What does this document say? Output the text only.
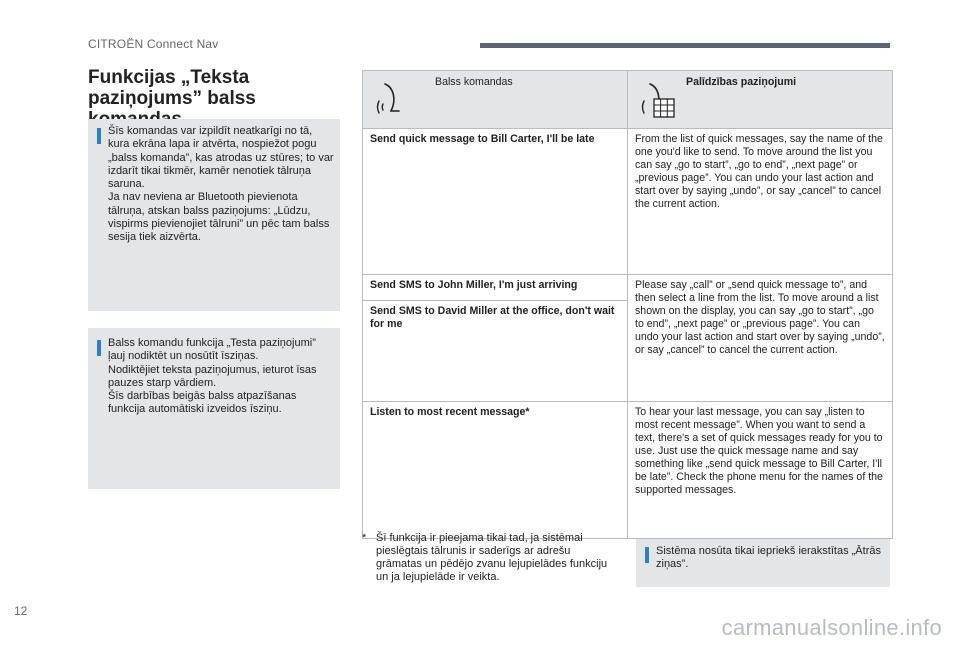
CITROËN Connect Nav
Funkcijas „Teksta paziņojums” balss
Šīs komandas var izpildīt neatkarīgi no tā, kura ekrāna lapa ir atvērta, nospiežot pogu „balss komanda”, kas atrodas uz stūres; to var izdarīt tikai tikmēr, kamēr nenotiek tālruņa saruna.
Ja nav neviena ar Bluetooth pievienota tālruņa, atskan balss paziņojums: „Lūdzu, vispirms pievienojiet tālruni” un pēc tam balss sesija tiek aizvērta.
Balss komandu funkcija „Testa paziņojumi” ļauj nodiktēt un nosūtīt īsziņas.
Nodiktējiet teksta paziņojumus, ieturot īsas pauzes starp vārdiem.
Šīs darbības beigās balss atpazīšanas funkcija automātiski izveidos īsziņu.
Balss komandas	Palīdzības paziņojumi

Send quick message to Bill Carter, I'll be late	From the list of quick messages, say the name of the one you'd like to send. To move around the list you can say „go to start”, „go to end”, „next page” or „previous page”. You can undo your last action and start over by saying „undo”, or say „cancel” to cancel the current action.
Send SMS to John Miller, I'm just arriving	Please say „call” or „send quick message to”, and then select a line from the list. To move around a list shown on the display, you can say „go to start”, „go to end”, „next page” or „previous page”. You can undo your last action and start over by saying „undo”, or say „cancel” to cancel the current action.
Send SMS to David Miller at the office, don't wait for me	
Listen to most recent message*	To hear your last message, you can say „listen to most recent message”. When you want to send a text, there's a set of quick messages ready for you to use. Just use the quick message name and say something like „send quick message to Bill Carter, I'll be late”. Check the phone menu for the names of the supported messages.
* Šī funkcija ir pieejama tikai tad, ja sistēmai pieslēgtais tālrunis ir saderīgs ar adrešu grāmatas un pēdējo zvanu lejupielādes funkciju un ja lejupielāde ir veikta.
Sistēma nosūta tikai iepriekš ierakstītas „Ātrās ziņas”.
12
carmanualsonline.info
